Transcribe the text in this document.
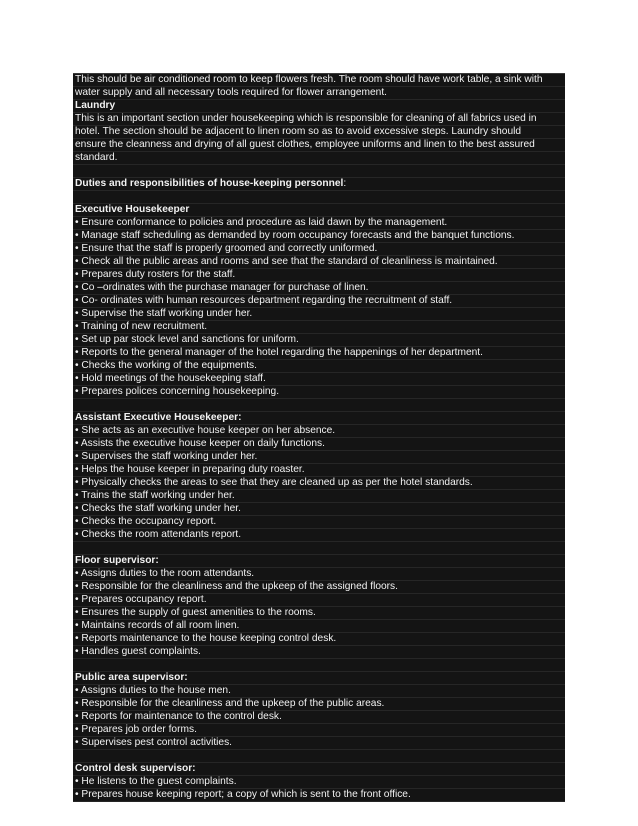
This should be air conditioned room to keep flowers fresh. The room should have work table, a sink with
water supply and all necessary tools required for flower arrangement.
Laundry
This is an important section under housekeeping which is responsible for cleaning of all fabrics used in
hotel. The section should be adjacent to linen room so as to avoid excessive steps. Laundry should
ensure the cleanness and drying of all guest clothes, employee uniforms and linen to the best assured
standard.
Duties and responsibilities of house-keeping personnel:
Executive Housekeeper
• Ensure conformance to policies and procedure as laid dawn by the management.
• Manage staff scheduling as demanded by room occupancy forecasts and the banquet functions.
• Ensure that the staff is properly groomed and correctly uniformed.
• Check all the public areas and rooms and see that the standard of cleanliness is maintained.
• Prepares duty rosters for the staff.
• Co –ordinates with the purchase manager for purchase of linen.
• Co- ordinates with human resources department regarding the recruitment of staff.
• Supervise the staff working under her.
• Training of new recruitment.
• Set up par stock level and sanctions for uniform.
• Reports to the general manager of the hotel regarding the happenings of her department.
• Checks the working of the equipments.
• Hold meetings of the housekeeping staff.
• Prepares polices concerning housekeeping.
Assistant Executive Housekeeper:
• She acts as an executive house keeper on her absence.
• Assists the executive house keeper on daily functions.
• Supervises the staff working under her.
• Helps the house keeper in preparing duty roaster.
• Physically checks the areas to see that they are cleaned up as per the hotel standards.
• Trains the staff working under her.
• Checks the staff working under her.
• Checks the occupancy report.
• Checks the room attendants report.
Floor supervisor:
• Assigns duties to the room attendants.
• Responsible for the cleanliness and the upkeep of the assigned floors.
• Prepares occupancy report.
• Ensures the supply of guest amenities to the rooms.
• Maintains records of all room linen.
• Reports maintenance to the house keeping control desk.
• Handles guest complaints.
Public area supervisor:
• Assigns duties to the house men.
• Responsible for the cleanliness and the upkeep of the public areas.
• Reports for maintenance to the control desk.
• Prepares job order forms.
• Supervises pest control activities.
Control desk supervisor:
• He listens to the guest complaints.
• Prepares house keeping report; a copy of which is sent to the front office.
